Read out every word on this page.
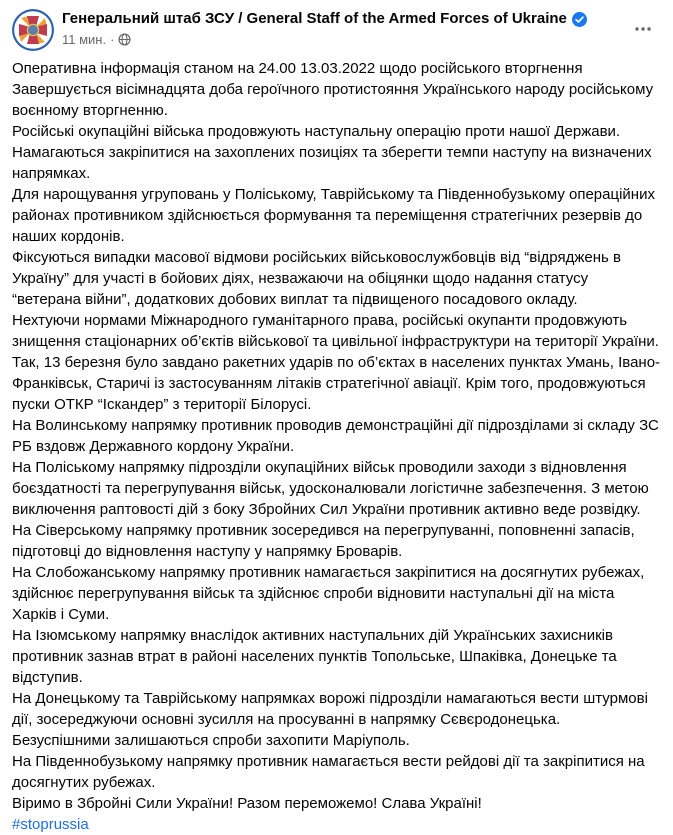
Генеральний штаб ЗСУ / General Staff of the Armed Forces of Ukraine
11 мин. ·
Оперативна інформація станом на 24.00 13.03.2022 щодо російського вторгнення
Завершується вісімнадцята доба героїчного протистояння Українського народу російському воєнному вторгненню.
Російські окупаційні війська продовжують наступальну операцію проти нашої Держави. Намагаються закріпитися на захоплених позиціях та зберегти темпи наступу на визначених напрямках.
Для нарощування угруповань у Поліському, Таврійському та Південнобузькому операційних районах противником здійснюється формування та переміщення стратегічних резервів до наших кордонів.
Фіксуються випадки масової відмови російських військовослужбовців від “відряджень в Україну” для участі в бойових діях, незважаючи на обіцянки щодо надання статусу “ветерана війни”, додаткових добових виплат та підвищеного посадового окладу.
Нехтуючи нормами Міжнародного гуманітарного права, російські окупанти продовжують знищення стаціонарних об’єктів військової та цивільної інфраструктури на території України. Так, 13 березня було завдано ракетних ударів по об’єктах в населених пунктах Умань, Івано-Франківськ, Старичі із застосуванням літаків стратегічної авіації. Крім того, продовжуються пуски ОТКР “Іскандер” з території Білорусі.
На Волинському напрямку противник проводив демонстраційні дії підрозділами зі складу ЗС РБ вздовж Державного кордону України.
На Поліському напрямку підрозділи окупаційних військ проводили заходи з відновлення боєздатності та перегрупування військ, удосконалювали логістичне забезпечення. З метою виключення раптовості дій з боку Збройних Сил України противник активно веде розвідку.
На Сіверському напрямку противник зосередився на перегрупуванні, поповненні запасів, підготовці до відновлення наступу у напрямку Броварів.
На Слобожанському напрямку противник намагається закріпитися на досягнутих рубежах, здійснює перегрупування військ та здійснює спроби відновити наступальні дії на міста Харків і Суми.
На Ізюмському напрямку внаслідок активних наступальних дій Українських захисників противник зазнав втрат в районі населених пунктів Топольське, Шпаківка, Донецьке та відступив.
На Донецькому та Таврійському напрямках ворожі підрозділи намагаються вести штурмові дії, зосереджуючи основні зусилля на просуванні в напрямку Сєвєродонецька.
Безуспішними залишаються спроби захопити Маріуполь.
На Південнобузькому напрямку противник намагається вести рейдові дії та закріпитися на досягнутих рубежах.
Віримо в Збройні Сили України! Разом переможемо! Слава Україні!
#stoprussia
